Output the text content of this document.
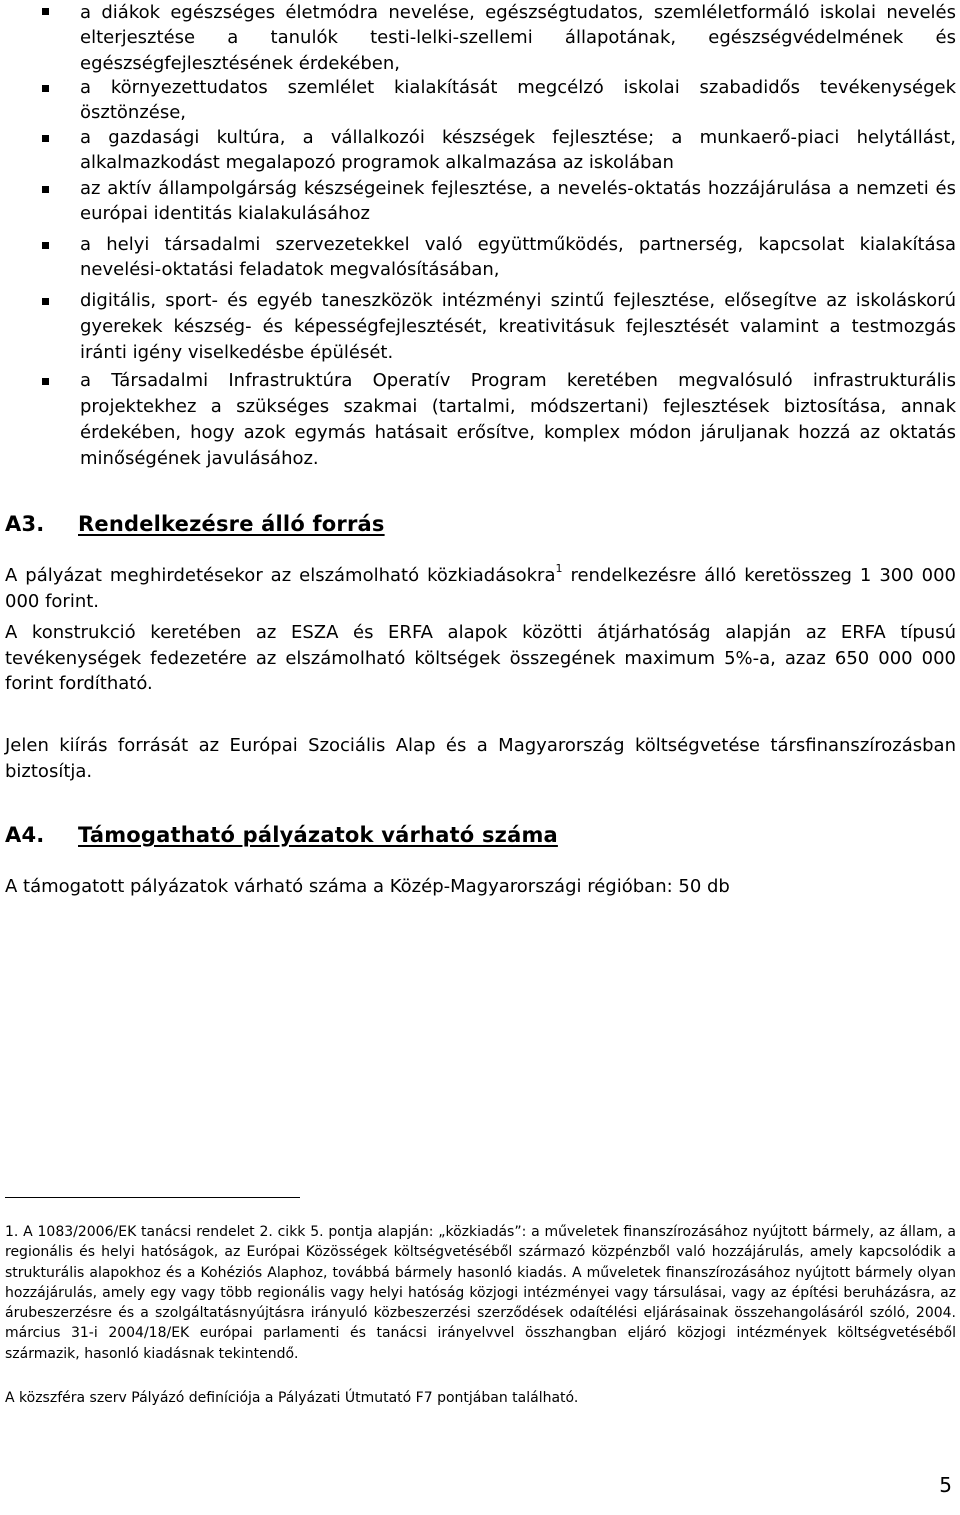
a diákok egészséges életmódra nevelése, egészségtudatos, szemléletformáló iskolai nevelés elterjesztése a tanulók testi-lelki-szellemi állapotának, egészségvédelmének és egészségfejlesztésének érdekében,

a környezettudatos szemlélet kialakítását megcélzó iskolai szabadidős tevékenységek ösztönzése,

a gazdasági kultúra, a vállalkozói készségek fejlesztése; a munkaerő-piaci helytállást, alkalmazkodást megalapozó programok alkalmazása az iskolában

az aktív állampolgárság készségeinek fejlesztése, a nevelés-oktatás hozzájárulása a nemzeti és európai identitás kialakulásához

a helyi társadalmi szervezetekkel való együttműködés, partnerség, kapcsolat kialakítása nevelési-oktatási feladatok megvalósításában,

digitális, sport- és egyéb taneszközök intézményi szintű fejlesztése, elősegítve az iskoláskorú gyerekek készség- és képességfejlesztését, kreativitásuk fejlesztését valamint a testmozgás iránti igény viselkedésbe épülését.

a Társadalmi Infrastruktúra Operatív Program keretében megvalósuló infrastrukturális projektekhez a szükséges szakmai (tartalmi, módszertani) fejlesztések biztosítása, annak érdekében, hogy azok egymás hatásait erősítve, komplex módon járuljanak hozzá az oktatás minőségének javulásához.

A3. Rendelkezésre álló forrás

A pályázat meghirdetésekor az elszámolható közkiadásokra$^1$ rendelkezésre álló keretösszeg 1 300 000 000 forint.

A konstrukció keretében az ESZA és ERFA alapok közötti átjárhatóság alapján az ERFA típusú tevékenységek fedezetére az elszámolható költségek összegének maximum 5%-a, azaz 650 000 000 forint fordítható.

Jelen kiírás forrását az Európai Szociális Alap és a Magyarország költségvetése társfinanszírozásban biztosítja.

A4. Támogatható pályázatok várható száma

A támogatott pályázatok várható száma a Közép-Magyarországi régióban: 50 db

1. A 1083/2006/EK tanácsi rendelet 2. cikk 5. pontja alapján: „közkiadás”: a műveletek finanszírozásához nyújtott bármely, az állam, a regionális és helyi hatóságok, az Európai Közösségek költségvetéséből származó közpénzből való hozzájárulás, amely kapcsolódik a strukturális alapokhoz és a Kohéziós Alaphoz, továbbá bármely hasonló kiadás. A műveletek finanszírozásához nyújtott bármely olyan hozzájárulás, amely egy vagy több regionális vagy helyi hatóság közjogi intézményei vagy társulásai, vagy az építési beruházásra, az árubeszerzésre és a szolgáltatásnyújtásra irányuló közbeszerzési szerződések odaítélési eljárásainak összehangolásáról szóló, 2004. március 31-i 2004/18/EK európai parlamenti és tanácsi irányelvvel összhangban eljáró közjogi intézmények költségvetéséből származik, hasonló kiadásnak tekintendő.

A közszféra szerv Pályázó definíciója a Pályázati Útmutató F7 pontjában található.

5
